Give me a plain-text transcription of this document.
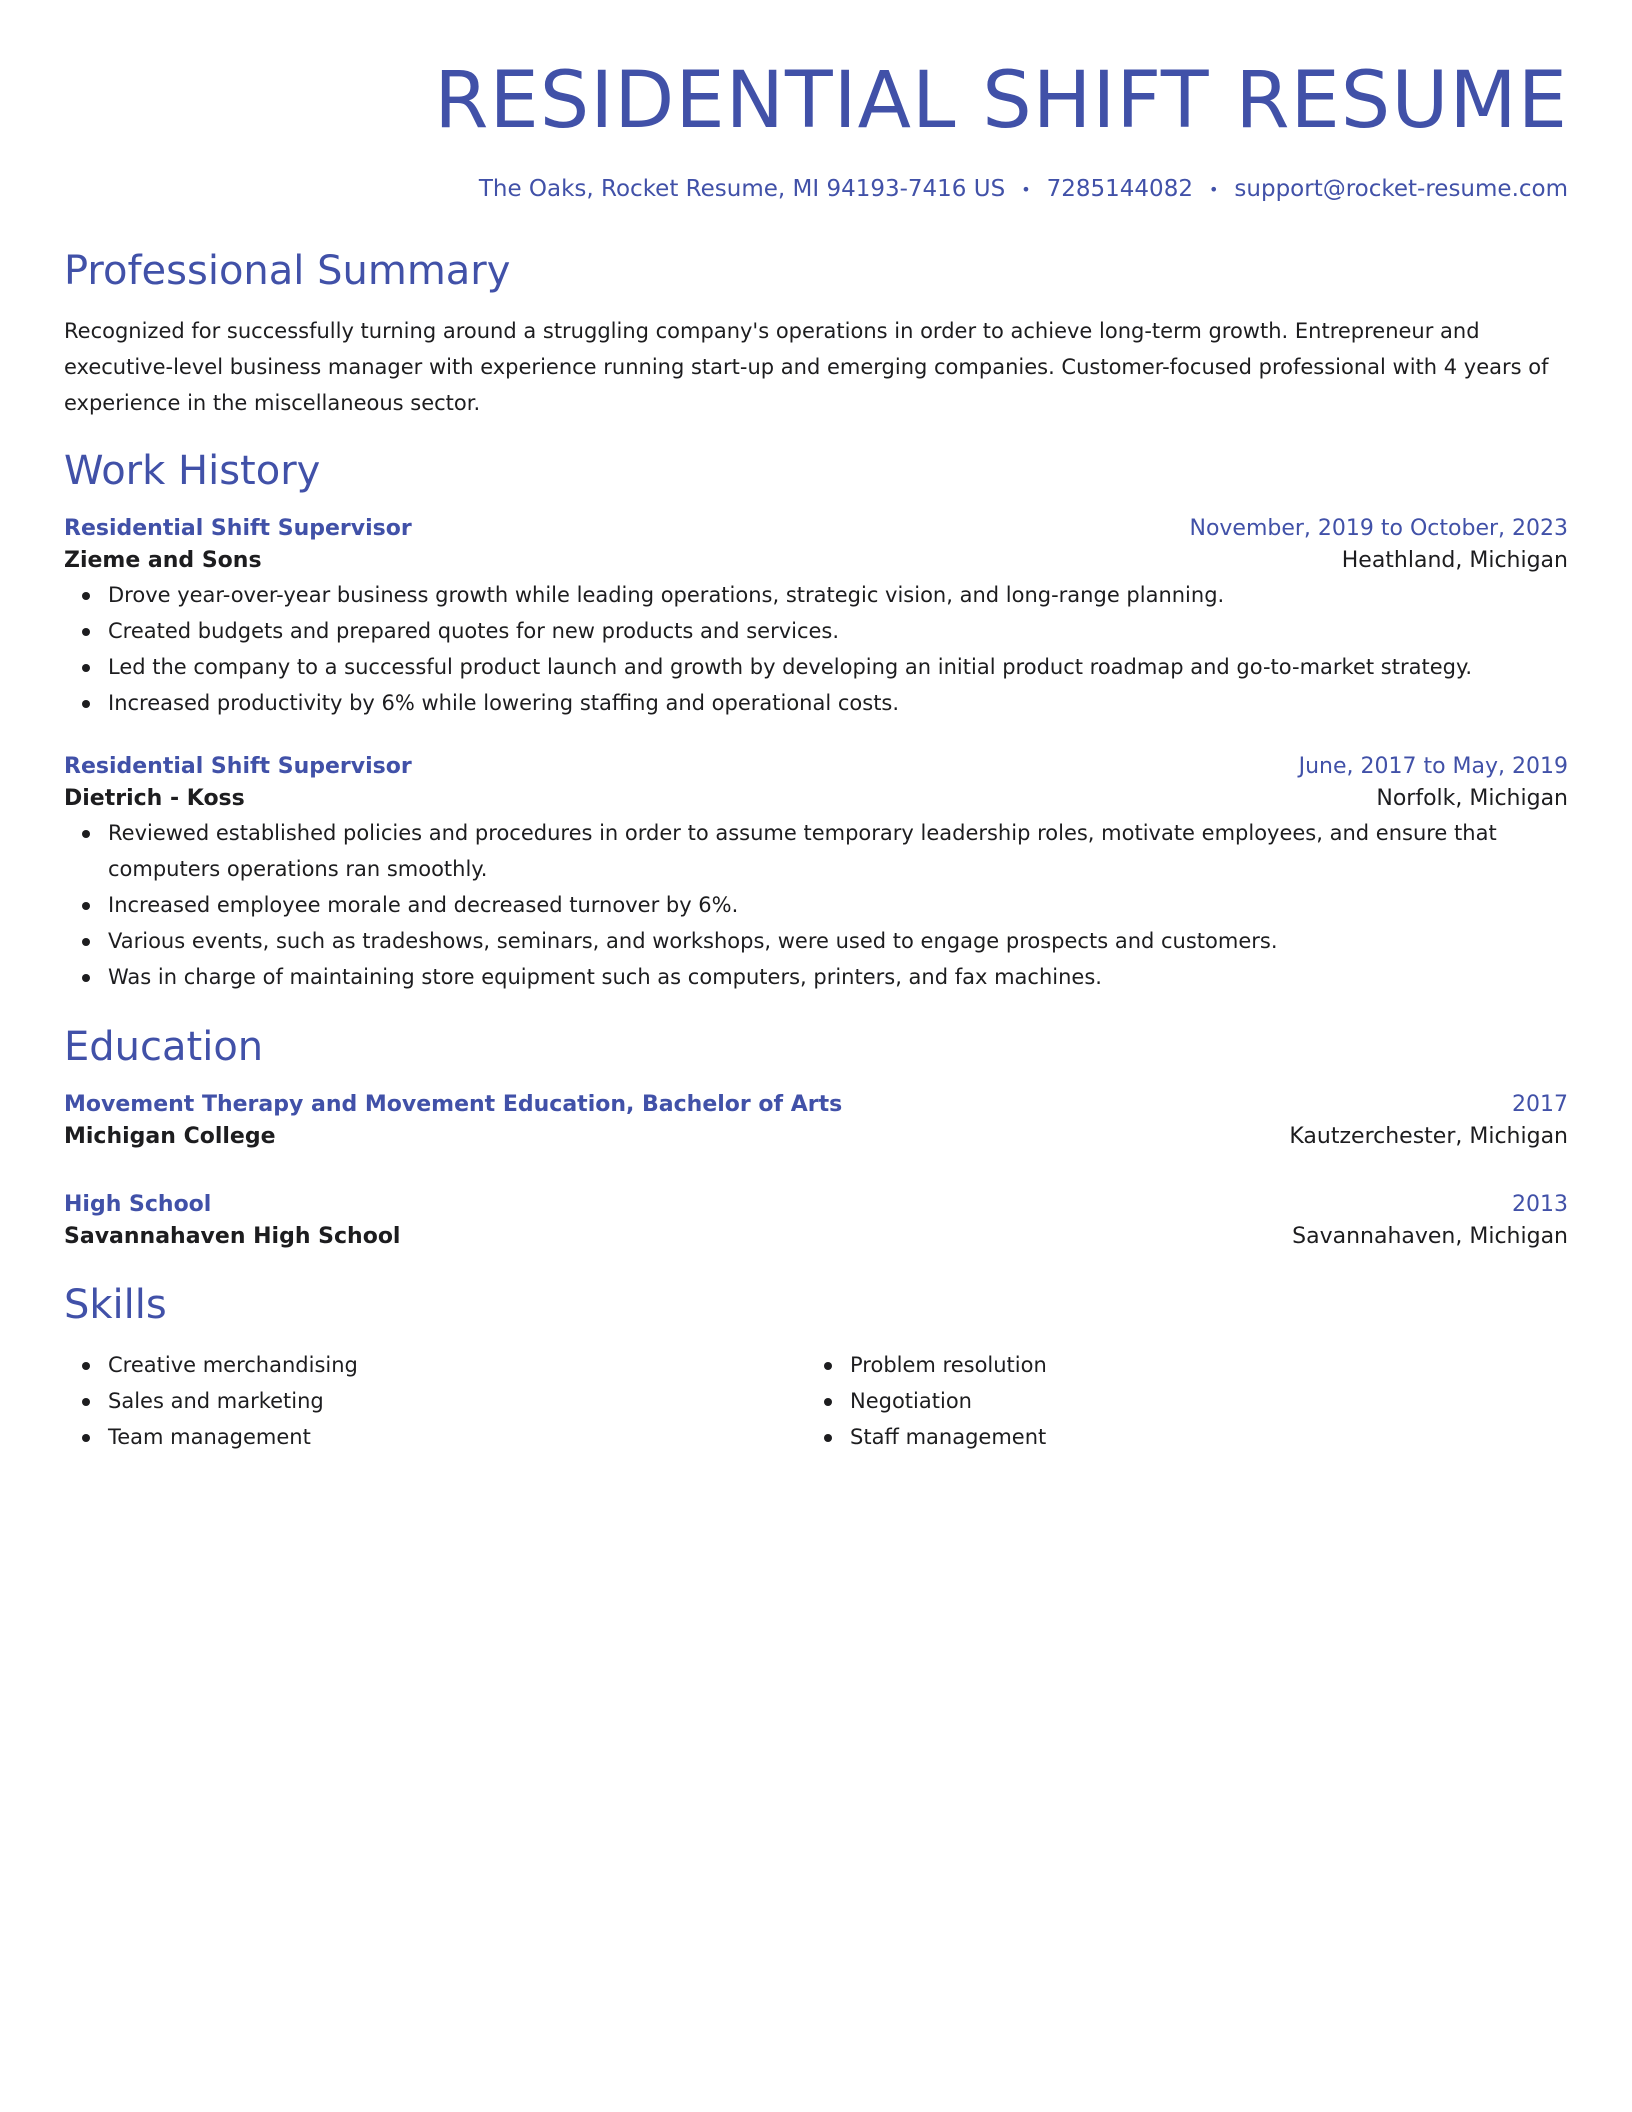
RESIDENTIAL SHIFT RESUME
The Oaks, Rocket Resume, MI 94193-7416 US • 7285144082 • support@rocket-resume.com
Professional Summary
Recognized for successfully turning around a struggling company's operations in order to achieve long-term growth. Entrepreneur and executive-level business manager with experience running start-up and emerging companies. Customer-focused professional with 4 years of experience in the miscellaneous sector.
Work History
Residential Shift Supervisor	November, 2019 to October, 2023
Zieme and Sons	Heathland, Michigan
Drove year-over-year business growth while leading operations, strategic vision, and long-range planning.
Created budgets and prepared quotes for new products and services.
Led the company to a successful product launch and growth by developing an initial product roadmap and go-to-market strategy.
Increased productivity by 6% while lowering staffing and operational costs.
Residential Shift Supervisor	June, 2017 to May, 2019
Dietrich - Koss	Norfolk, Michigan
Reviewed established policies and procedures in order to assume temporary leadership roles, motivate employees, and ensure that computers operations ran smoothly.
Increased employee morale and decreased turnover by 6%.
Various events, such as tradeshows, seminars, and workshops, were used to engage prospects and customers.
Was in charge of maintaining store equipment such as computers, printers, and fax machines.
Education
Movement Therapy and Movement Education, Bachelor of Arts	2017
Michigan College	Kautzerchester, Michigan
High School	2013
Savannahaven High School	Savannahaven, Michigan
Skills
Creative merchandising
Sales and marketing
Team management
Problem resolution
Negotiation
Staff management
